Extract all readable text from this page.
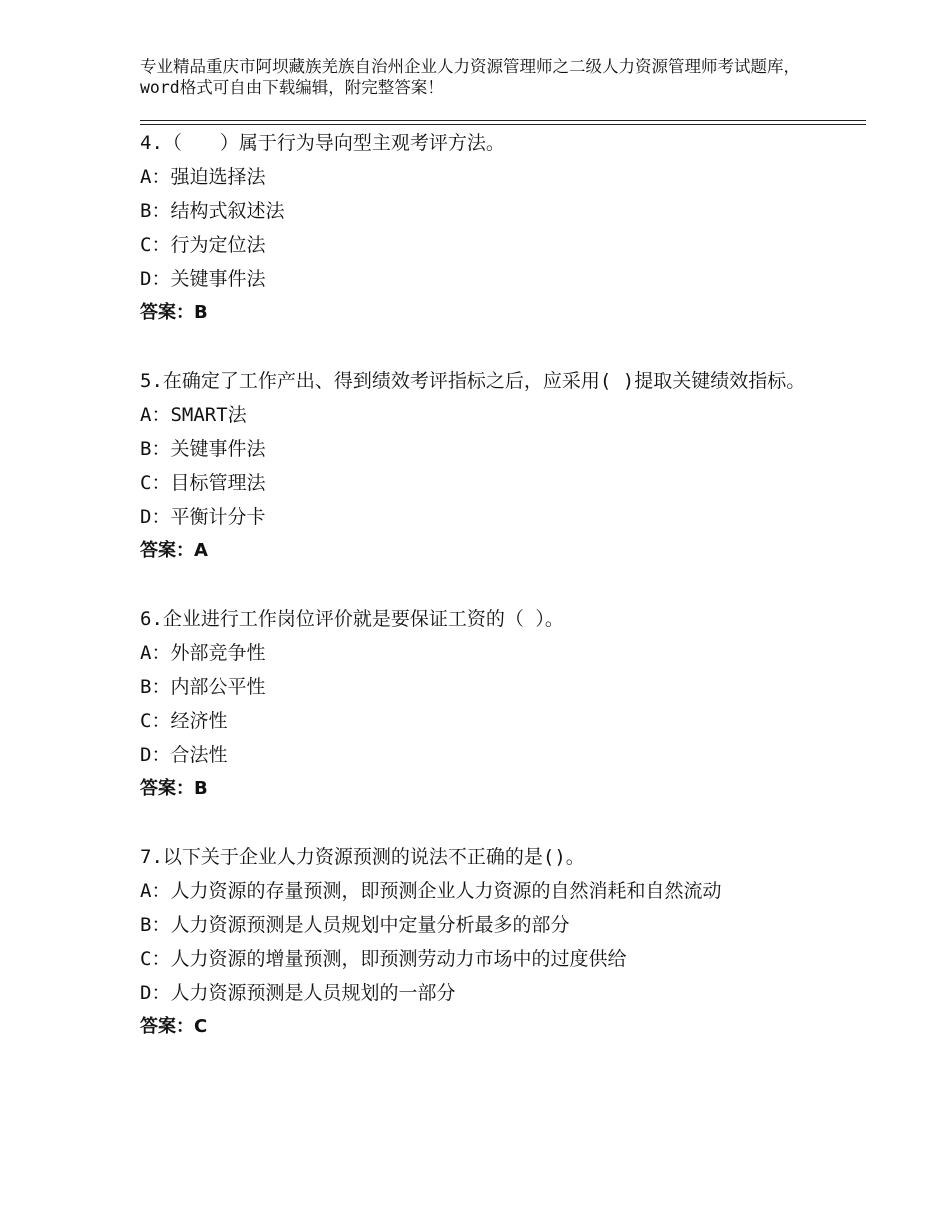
专业精品重庆市阿坝藏族羌族自治州企业人力资源管理师之二级人力资源管理师考试题库，word格式可自由下载编辑，附完整答案！
4.（　　）属于行为导向型主观考评方法。
A：强迫选择法
B：结构式叙述法
C：行为定位法
D：关键事件法
答案：B
5.在确定了工作产出、得到绩效考评指标之后，应采用( )提取关键绩效指标。
A：SMART法
B：关键事件法
C：目标管理法
D：平衡计分卡
答案：A
6.企业进行工作岗位评价就是要保证工资的（ ）。
A：外部竞争性
B：内部公平性
C：经济性
D：合法性
答案：B
7.以下关于企业人力资源预测的说法不正确的是()。
A：人力资源的存量预测，即预测企业人力资源的自然消耗和自然流动
B：人力资源预测是人员规划中定量分析最多的部分
C：人力资源的增量预测，即预测劳动力市场中的过度供给
D：人力资源预测是人员规划的一部分
答案：C
